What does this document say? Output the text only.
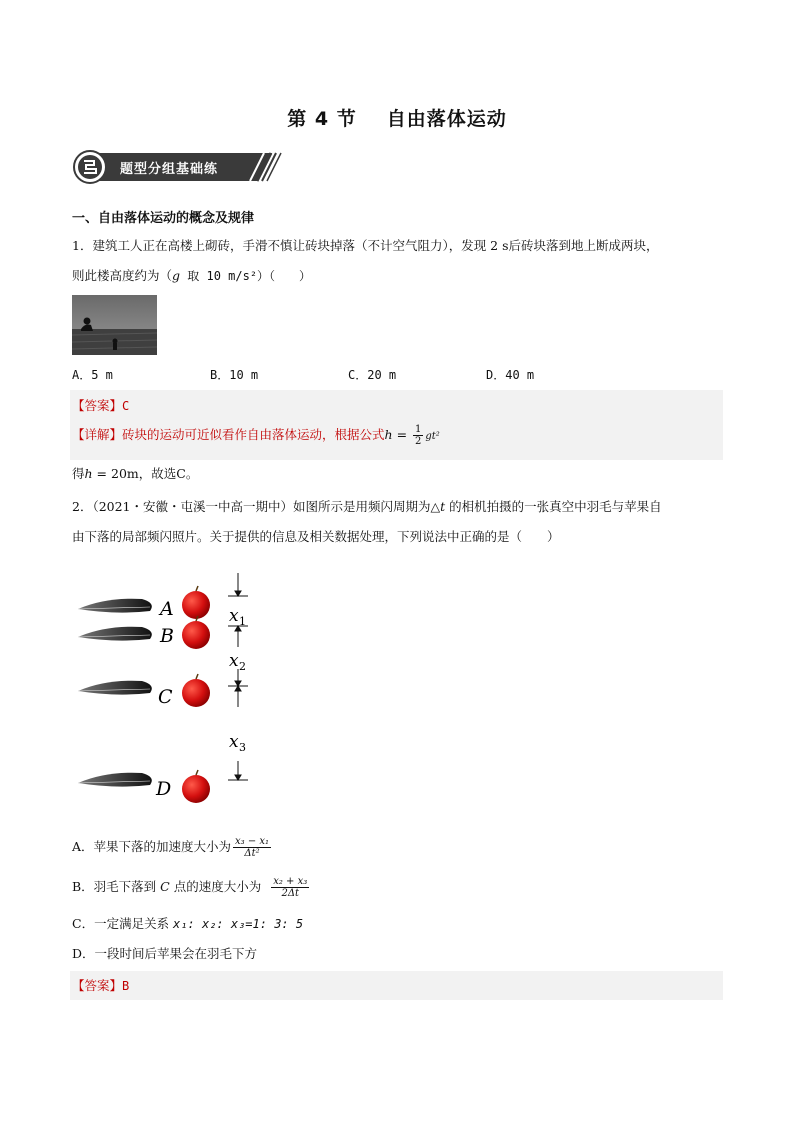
第 4 节 自由落体运动
题型分组基础练
一、自由落体运动的概念及规律
1．建筑工人正在高楼上砌砖，手滑不慎让砖块掉落（不计空气阻力），发现 2 s后砖块落到地上断成两块，
则此楼高度约为（g 取 10 m/s²）（　　）
A．5 m	B．10 m	C．20 m	D．40 m
【答案】C
【详解】砖块的运动可近似看作自由落体运动，根据公式$h = \frac{1}{2} gt^2$
得h = 20m，故选C。
2．（2021・安徽・屯溪一中高一期中）如图所示是用频闪周期为△t 的相机拍摄的一张真空中羽毛与苹果自
由下落的局部频闪照片。关于提供的信息及相关数据处理，下列说法中正确的是（　　）
A
B
C
D
x 1
x 2
x 3
A．苹果下落的加速度大小为 $\frac{\text{x₃ − x₁}}{\text{Δt²}}$
B．羽毛下落到 C 点的速度大小为 $\frac{\text{x₂ + x₃}}{2\Delta t}$
C．一定满足关系 x₁: x₂: x₃=1: 3: 5
D．一段时间后苹果会在羽毛下方
【答案】B
